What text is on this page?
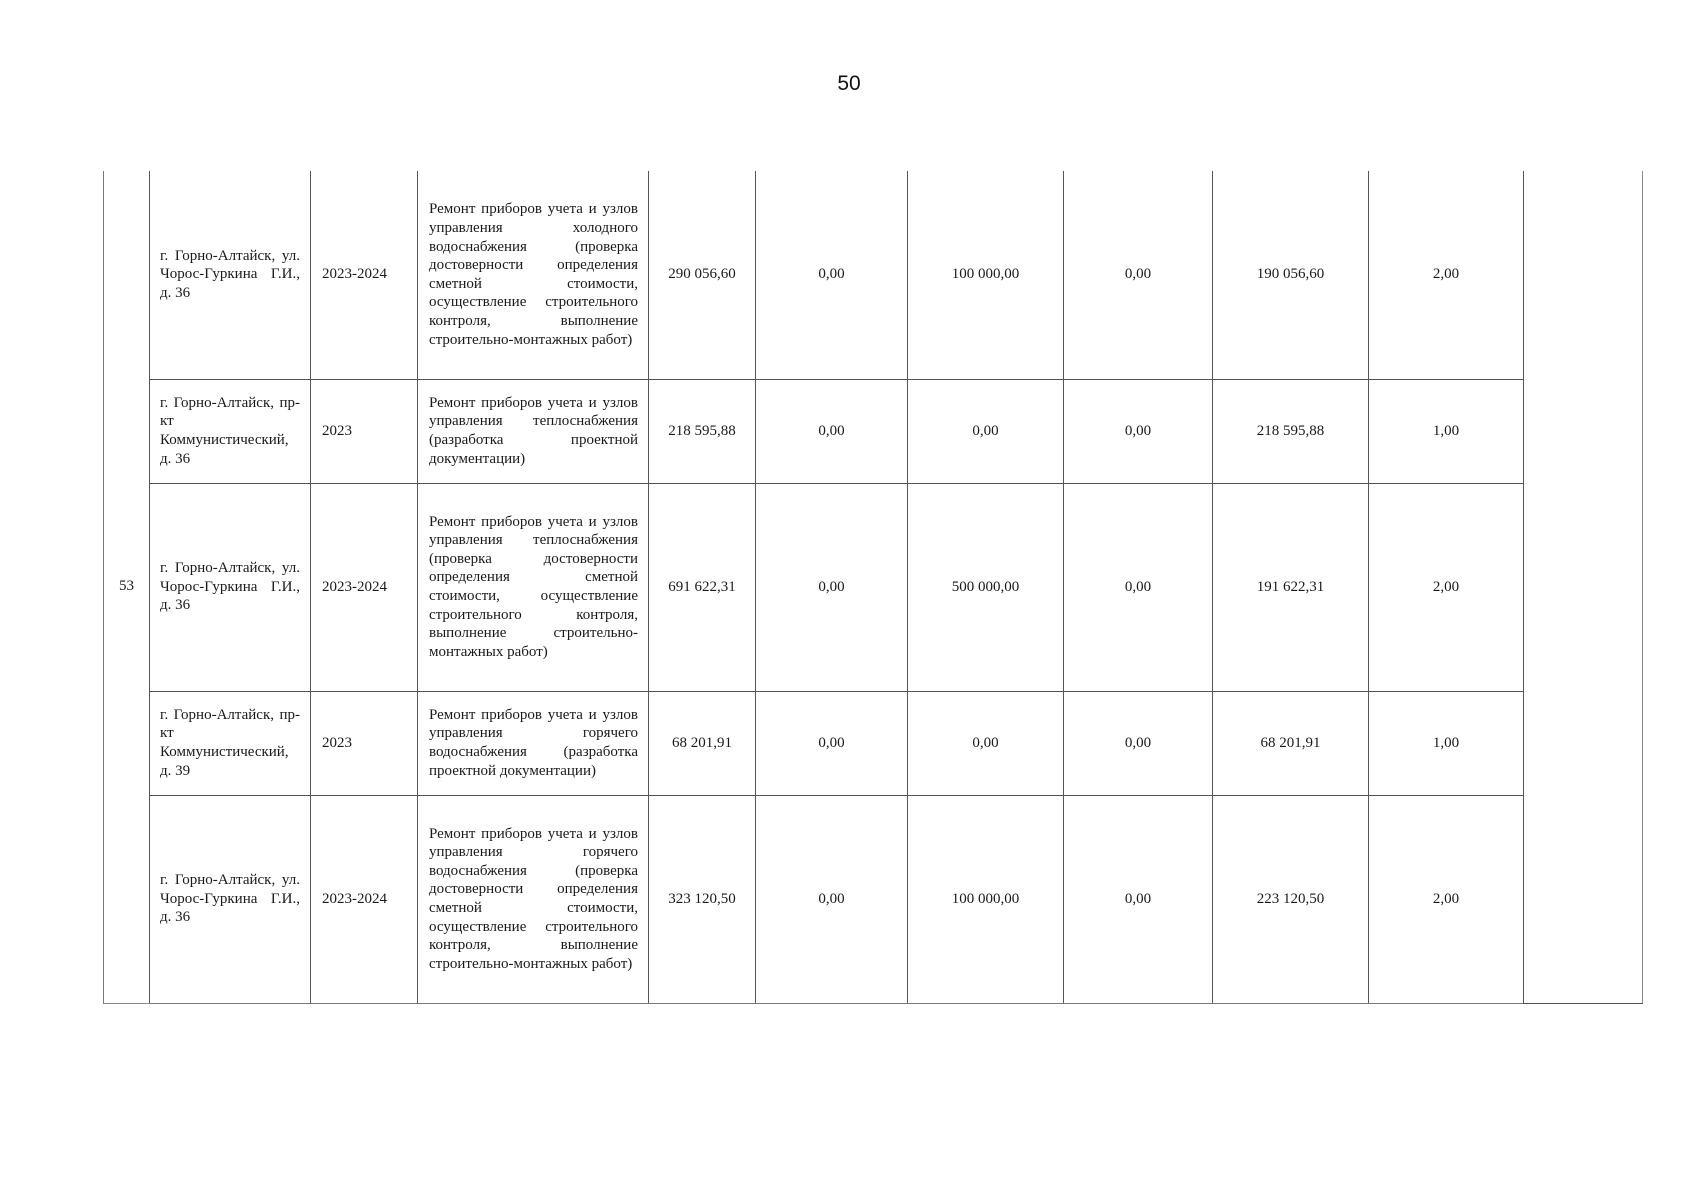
50
53	г. Горно-Алтайск, ул. Чорос-Гуркина Г.И., д. 36	2023-2024	Ремонт приборов учета и узлов управления холодного водоснабжения (проверка достоверности определения сметной стоимости, осуществление строительного контроля, выполнение строительно-монтажных работ)	290 056,60	0,00	100 000,00	0,00	190 056,60	2,00	

	г. Горно-Алтайск, пр-кт Коммунистический, д. 36	2023	Ремонт приборов учета и узлов управления теплоснабжения (разработка проектной документации)	218 595,88	0,00	0,00	0,00	218 595,88	1,00	

	г. Горно-Алтайск, ул. Чорос-Гуркина Г.И., д. 36	2023-2024	Ремонт приборов учета и узлов управления теплоснабжения (проверка достоверности определения сметной стоимости, осуществление строительного контроля, выполнение строительно-монтажных работ)	691 622,31	0,00	500 000,00	0,00	191 622,31	2,00	

	г. Горно-Алтайск, пр-кт Коммунистический, д. 39	2023	Ремонт приборов учета и узлов управления горячего водоснабжения (разработка проектной документации)	68 201,91	0,00	0,00	0,00	68 201,91	1,00	

	г. Горно-Алтайск, ул. Чорос-Гуркина Г.И., д. 36	2023-2024	Ремонт приборов учета и узлов управления горячего водоснабжения (проверка достоверности определения сметной стоимости, осуществление строительного контроля, выполнение строительно-монтажных работ)	323 120,50	0,00	100 000,00	0,00	223 120,50	2,00	
